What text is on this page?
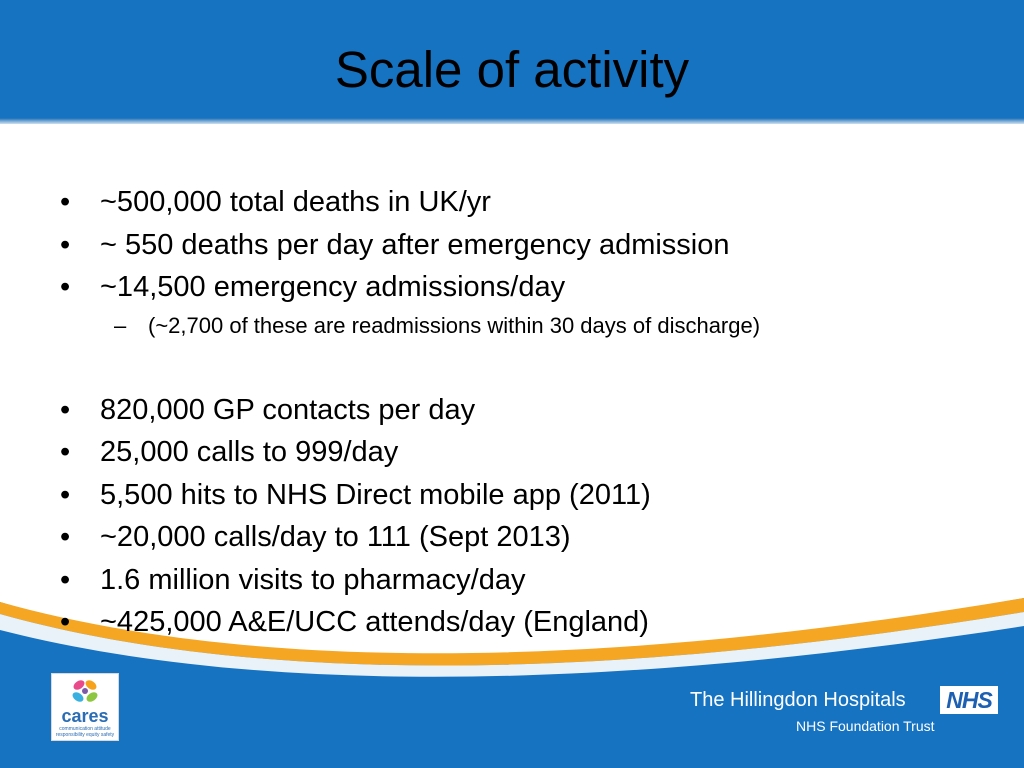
Scale of activity
• ~500,000 total deaths in UK/yr
• ~ 550 deaths per day after emergency admission
• ~14,500 emergency admissions/day
– (~2,700 of these are readmissions within 30 days of discharge)
• 820,000 GP contacts per day
• 25,000 calls to 999/day
• 5,500 hits to NHS Direct mobile app (2011)
• ~20,000 calls/day to 111 (Sept 2013)
• 1.6 million visits to pharmacy/day
• ~425,000 A&E/UCC attends/day (England)
cares
communication attitude
responsibility equity safety
The Hillingdon Hospitals
NHS Foundation Trust
NHS
